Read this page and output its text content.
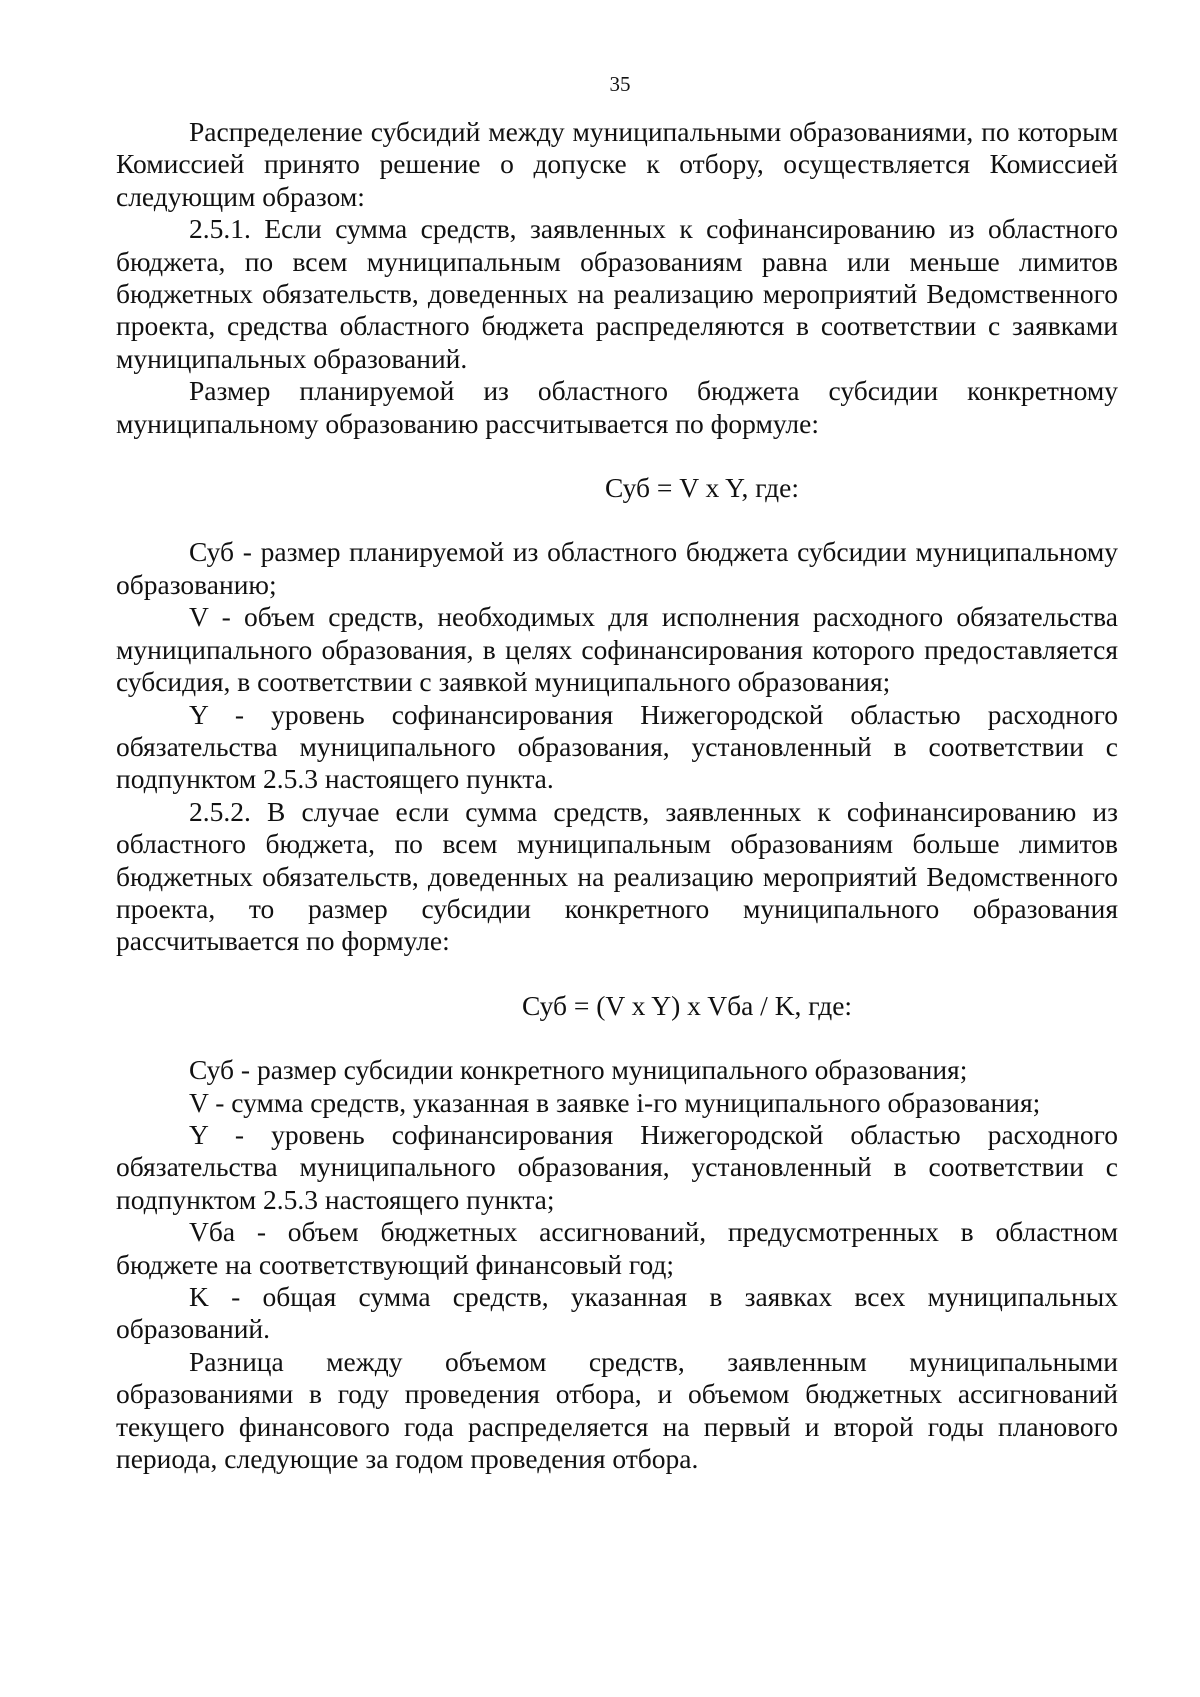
35

Распределение субсидий между муниципальными образованиями, по которым Комиссией принято решение о допуске к отбору, осуществляется Комиссией следующим образом:

2.5.1. Если сумма средств, заявленных к софинансированию из областного бюджета, по всем муниципальным образованиям равна или меньше лимитов бюджетных обязательств, доведенных на реализацию мероприятий Ведомственного проекта, средства областного бюджета распределяются в соответствии с заявками муниципальных образований.

Размер планируемой из областного бюджета субсидии конкретному муниципальному образованию рассчитывается по формуле:

Суб = V x Y, где:

Суб - размер планируемой из областного бюджета субсидии муниципальному образованию;

V - объем средств, необходимых для исполнения расходного обязательства муниципального образования, в целях софинансирования которого предоставляется субсидия, в соответствии с заявкой муниципального образования;

Y - уровень софинансирования Нижегородской областью расходного обязательства муниципального образования, установленный в соответствии с подпунктом 2.5.3 настоящего пункта.

2.5.2. В случае если сумма средств, заявленных к софинансированию из областного бюджета, по всем муниципальным образованиям больше лимитов бюджетных обязательств, доведенных на реализацию мероприятий Ведомственного проекта, то размер субсидии конкретного муниципального образования рассчитывается по формуле:

Суб = (V x Y) x Vба / K, где:

Суб - размер субсидии конкретного муниципального образования;

V - сумма средств, указанная в заявке i-го муниципального образования;

Y - уровень софинансирования Нижегородской областью расходного обязательства муниципального образования, установленный в соответствии с подпунктом 2.5.3 настоящего пункта;

Vба - объем бюджетных ассигнований, предусмотренных в областном бюджете на соответствующий финансовый год;

K - общая сумма средств, указанная в заявках всех муниципальных образований.

Разница между объемом средств, заявленным муниципальными образованиями в году проведения отбора, и объемом бюджетных ассигнований текущего финансового года распределяется на первый и второй годы планового периода, следующие за годом проведения отбора.
